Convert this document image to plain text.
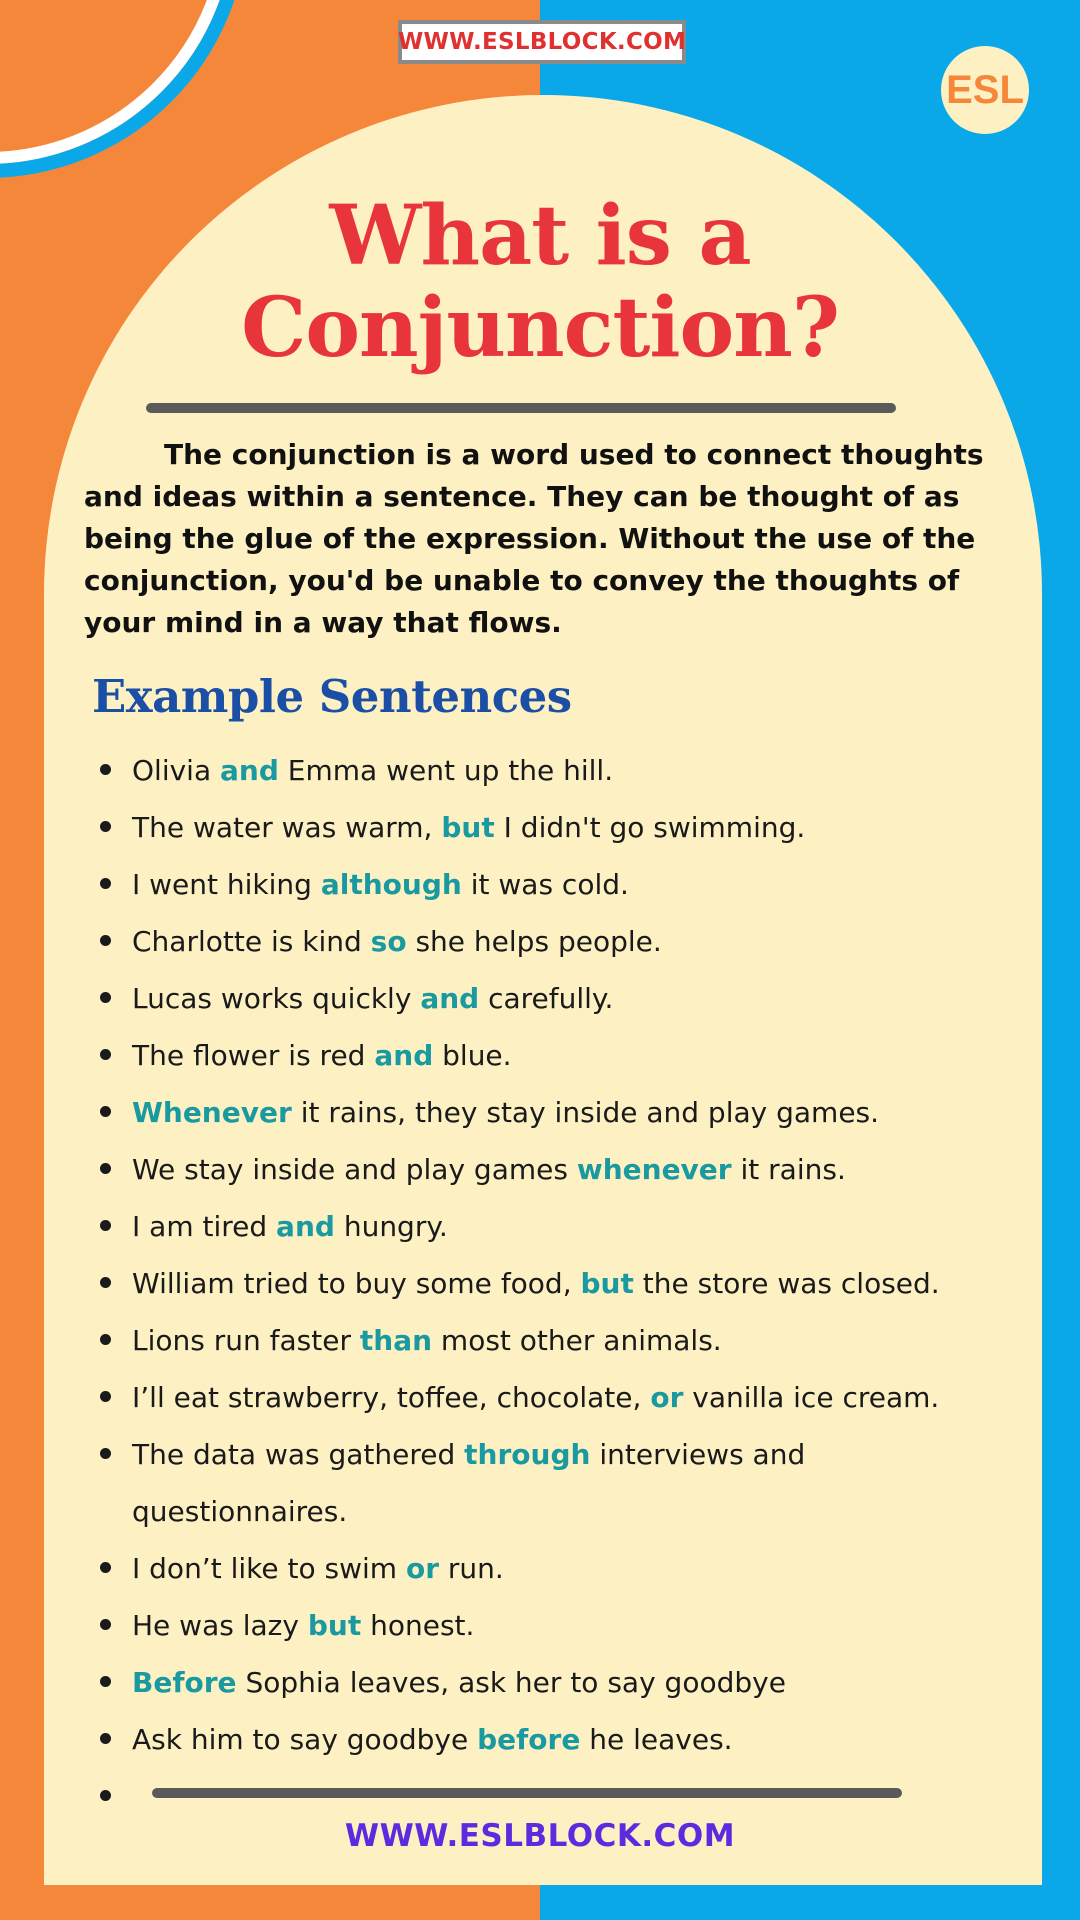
WWW.ESLBLOCK.COM
ESL
What is a
Conjunction?
The conjunction is a word used to connect thoughts and ideas within a sentence. They can be thought of as being the glue of the expression. Without the use of the conjunction, you'd be unable to convey the thoughts of your mind in a way that flows.
Example Sentences
Olivia and Emma went up the hill.
The water was warm, but I didn't go swimming.
I went hiking although it was cold.
Charlotte is kind so she helps people.
Lucas works quickly and carefully.
The flower is red and blue.
Whenever it rains, they stay inside and play games.
We stay inside and play games whenever it rains.
I am tired and hungry.
William tried to buy some food, but the store was closed.
Lions run faster than most other animals.
I’ll eat strawberry, toffee, chocolate, or vanilla ice cream.
The data was gathered through interviews and questionnaires.
I don’t like to swim or run.
He was lazy but honest.
Before Sophia leaves, ask her to say goodbye
Ask him to say goodbye before he leaves.

WWW.ESLBLOCK.COM
